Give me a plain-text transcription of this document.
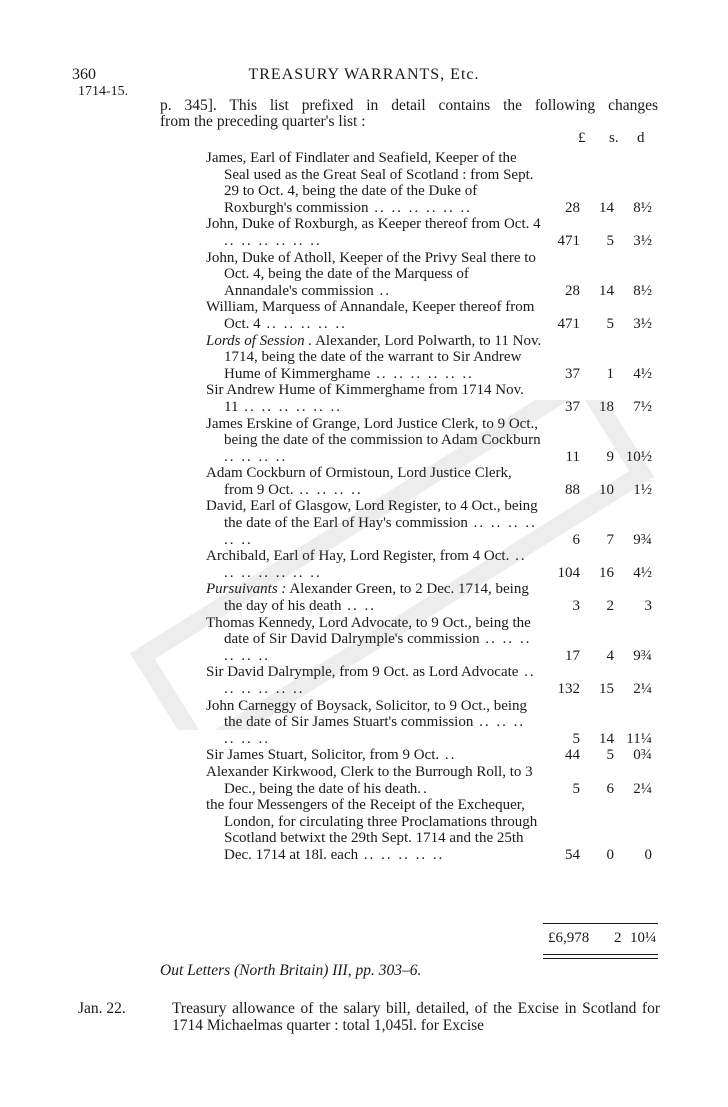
360	TREASURY WARRANTS, Etc.
1714-15.
p. 345]. This list prefixed in detail contains the following changes
from the preceding quarter's list :
£ s. d
James, Earl of Findlater and Seafield, Keeper of the Seal used as the Great Seal of Scotland : from Sept. 29 to Oct. 4, being the date of the Duke of Roxburgh's commission .. .. .. .. .. ..	28 14 8½
John, Duke of Roxburgh, as Keeper thereof from Oct. 4 .. .. .. .. .. ..	471 5 3½
John, Duke of Atholl, Keeper of the Privy Seal there to Oct. 4, being the date of the Marquess of Annandale's commission ..	28 14 8½
William, Marquess of Annandale, Keeper thereof from Oct. 4 .. .. .. .. ..	471 5 3½
Lords of Session . Alexander, Lord Polwarth, to 11 Nov. 1714, being the date of the warrant to Sir Andrew Hume of Kimmerghame .. .. .. .. .. ..	37 1 4½
Sir Andrew Hume of Kimmerghame from 1714 Nov. 11 .. .. .. .. .. ..	37 18 7½
James Erskine of Grange, Lord Justice Clerk, to 9 Oct., being the date of the commission to Adam Cockburn .. .. .. ..	11 9 10½
Adam Cockburn of Ormistoun, Lord Justice Clerk, from 9 Oct. .. .. .. ..	88 10 1½
David, Earl of Glasgow, Lord Register, to 4 Oct., being the date of the Earl of Hay's commission .. .. .. .. .. ..	6 7 9¾
Archibald, Earl of Hay, Lord Register, from 4 Oct. .. .. .. .. .. .. ..	104 16 4½
Pursuivants : Alexander Green, to 2 Dec. 1714, being the day of his death .. ..	3 2 3
Thomas Kennedy, Lord Advocate, to 9 Oct., being the date of Sir David Dalrymple's commission .. .. .. .. .. ..	17 4 9¾
Sir David Dalrymple, from 9 Oct. as Lord Advocate .. .. .. .. .. ..	132 15 2¼
John Carneggy of Boysack, Solicitor, to 9 Oct., being the date of Sir James Stuart's commission .. .. .. .. .. ..	5 14 11¼
Sir James Stuart, Solicitor, from 9 Oct. ..	44 5 0¾
Alexander Kirkwood, Clerk to the Burrough Roll, to 3 Dec., being the date of his death..	5 6 2¼
the four Messengers of the Receipt of the Exchequer, London, for circulating three Proclamations through Scotland betwixt the 29th Sept. 1714 and the 25th Dec. 1714 at 18l. each .. .. .. .. ..	54 0 0
£6,978 2 10¼
Out Letters (North Britain) III, pp. 303–6.
Jan. 22.	Treasury allowance of the salary bill, detailed, of the Excise in Scotland for 1714 Michaelmas quarter : total 1,045l. for Excise
